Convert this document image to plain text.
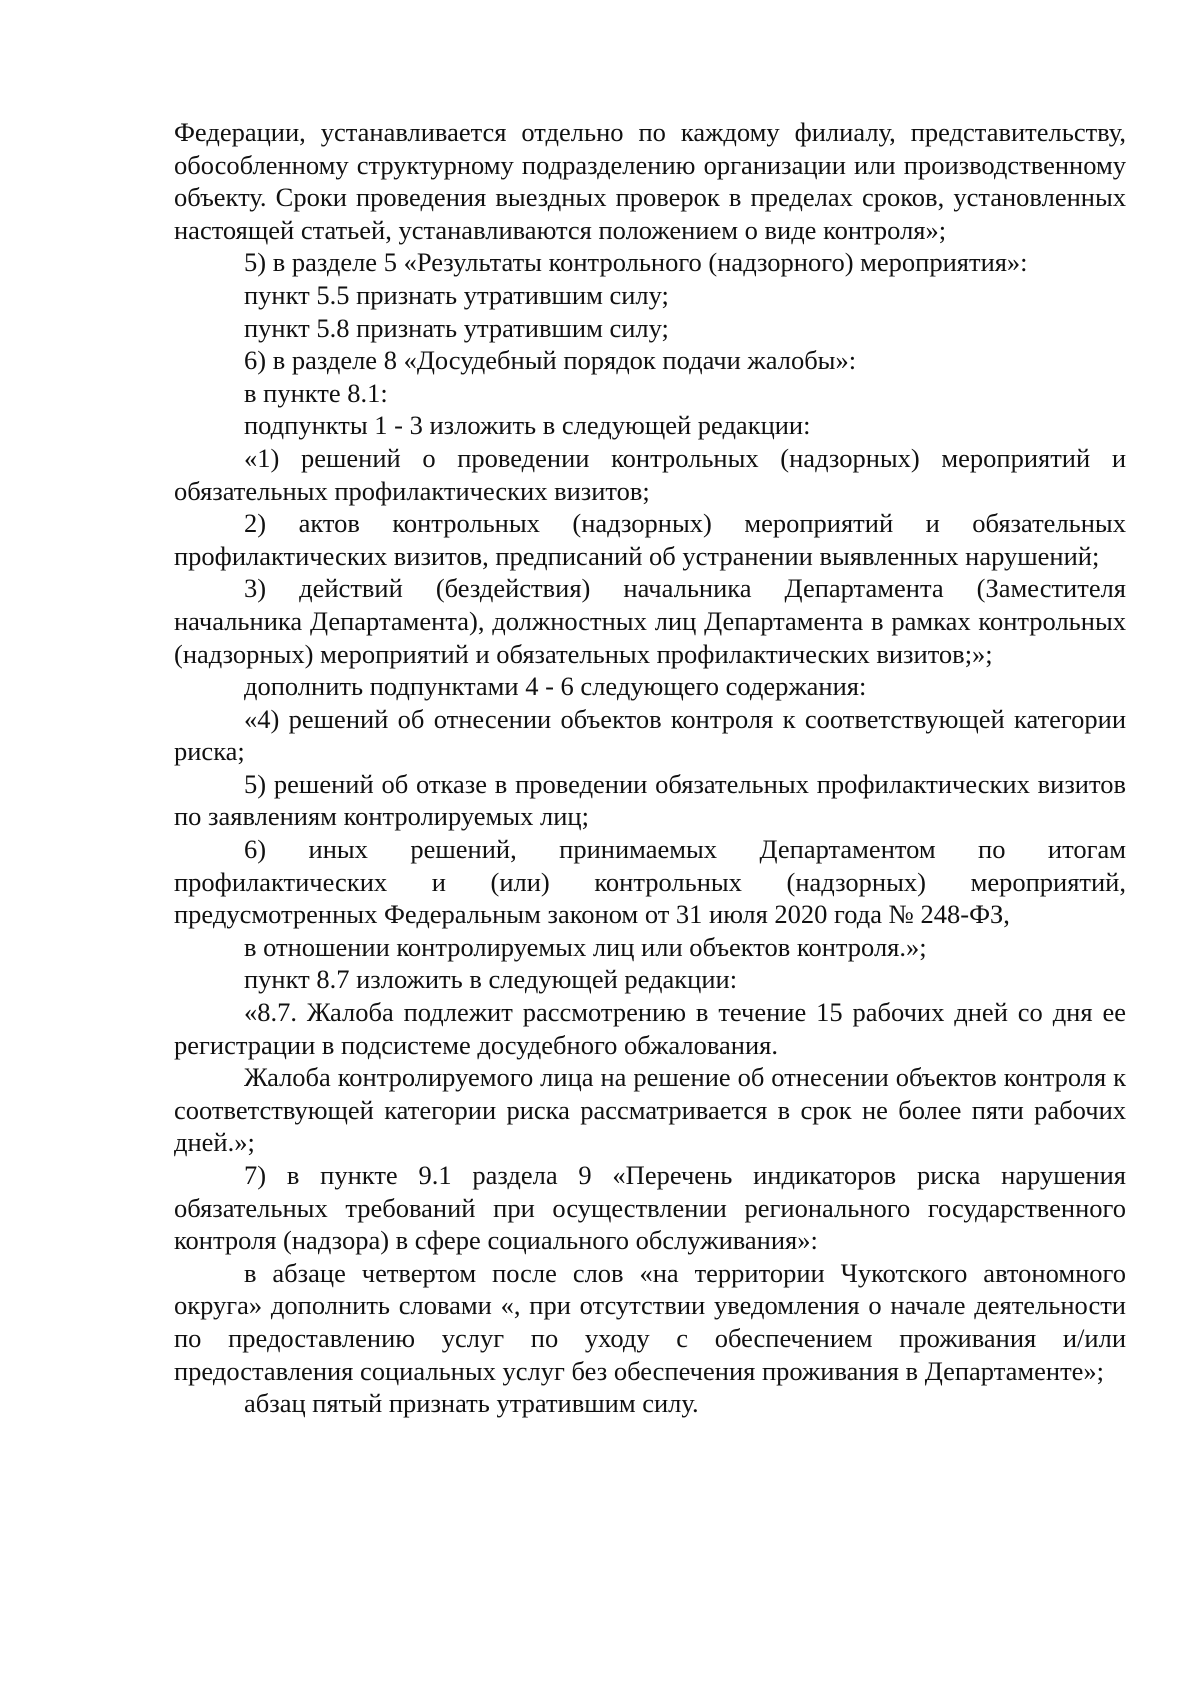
Федерации, устанавливается отдельно по каждому филиалу, представительству, обособленному структурному подразделению организации или производственному объекту. Сроки проведения выездных проверок в пределах сроков, установленных настоящей статьей, устанавливаются положением о виде контроля»;

5) в разделе 5 «Результаты контрольного (надзорного) мероприятия»:

пункт 5.5 признать утратившим силу;

пункт 5.8 признать утратившим силу;

6) в разделе 8 «Досудебный порядок подачи жалобы»:

в пункте 8.1:

подпункты 1 - 3 изложить в следующей редакции:

«1) решений о проведении контрольных (надзорных) мероприятий и обязательных профилактических визитов;

2) актов контрольных (надзорных) мероприятий и обязательных профилактических визитов, предписаний об устранении выявленных нарушений;

3) действий (бездействия) начальника Департамента (Заместителя начальника Департамента), должностных лиц Департамента в рамках контрольных (надзорных) мероприятий и обязательных профилактических визитов;»;

дополнить подпунктами 4 - 6 следующего содержания:

«4) решений об отнесении объектов контроля к соответствующей категории риска;

5) решений об отказе в проведении обязательных профилактических визитов по заявлениям контролируемых лиц;

6) иных решений, принимаемых Департаментом по итогам профилактических и (или) контрольных (надзорных) мероприятий, предусмотренных Федеральным законом от 31 июля 2020 года № 248-ФЗ,

в отношении контролируемых лиц или объектов контроля.»;

пункт 8.7 изложить в следующей редакции:

«8.7. Жалоба подлежит рассмотрению в течение 15 рабочих дней со дня ее регистрации в подсистеме досудебного обжалования.

Жалоба контролируемого лица на решение об отнесении объектов контроля к соответствующей категории риска рассматривается в срок не более пяти рабочих дней.»;

7) в пункте 9.1 раздела 9 «Перечень индикаторов риска нарушения обязательных требований при осуществлении регионального государственного контроля (надзора) в сфере социального обслуживания»:

в абзаце четвертом после слов «на территории Чукотского автономного округа» дополнить словами «, при отсутствии уведомления о начале деятельности по предоставлению услуг по уходу с обеспечением проживания и/или предоставления социальных услуг без обеспечения проживания в Департаменте»;

абзац пятый признать утратившим силу.
